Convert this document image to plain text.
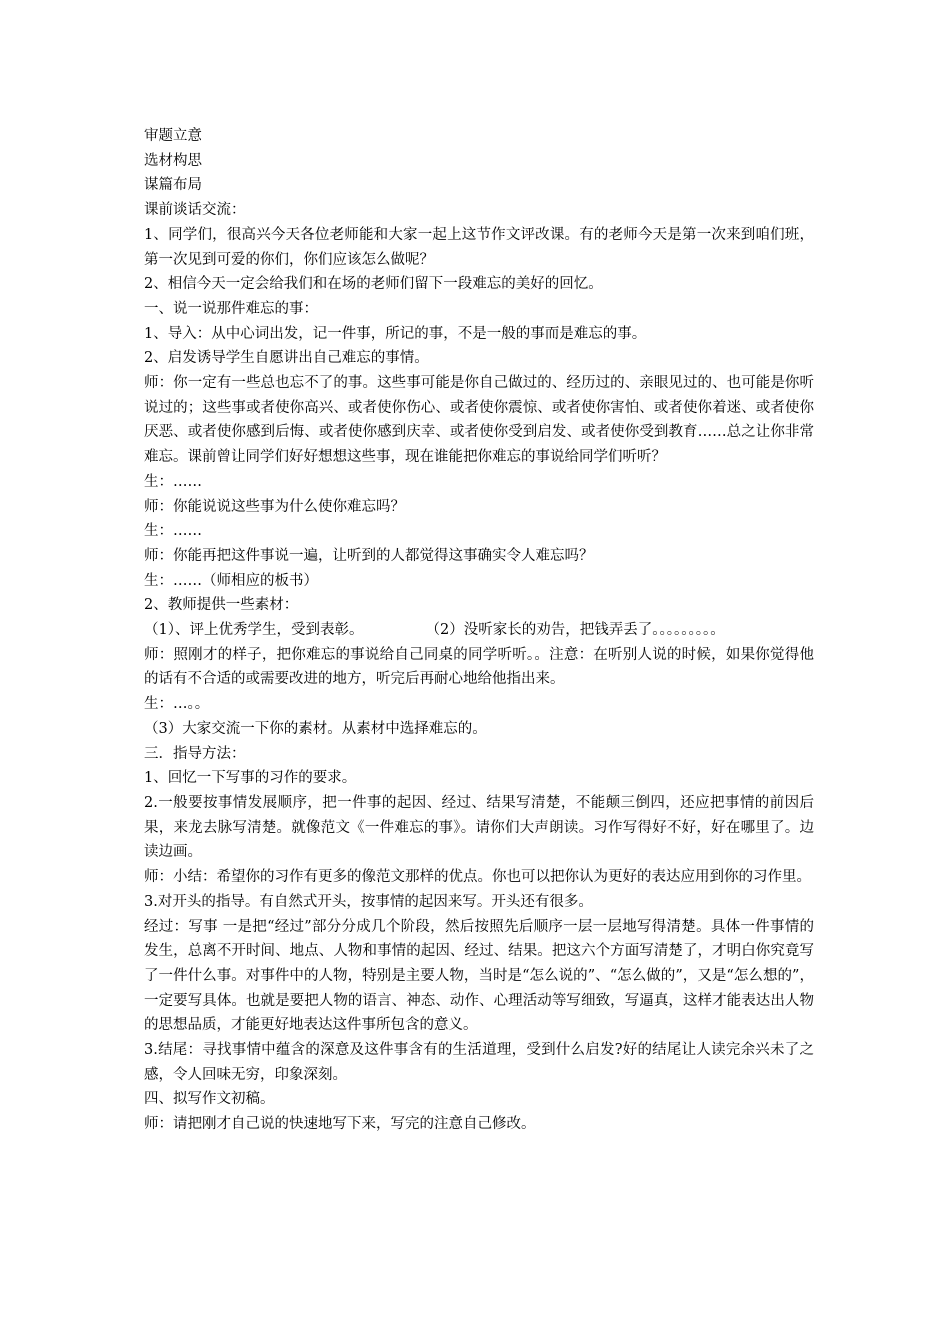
审题立意

选材构思

谋篇布局

课前谈话交流：

1、同学们，很高兴今天各位老师能和大家一起上这节作文评改课。有的老师今天是第一次来到咱们班，第一次见到可爱的你们，你们应该怎么做呢？

2、相信今天一定会给我们和在场的老师们留下一段难忘的美好的回忆。

一、说一说那件难忘的事：

1、导入：从中心词出发，记一件事，所记的事，不是一般的事而是难忘的事。

2、启发诱导学生自愿讲出自己难忘的事情。

师：你一定有一些总也忘不了的事。这些事可能是你自己做过的、经历过的、亲眼见过的、也可能是你听说过的；这些事或者使你高兴、或者使你伤心、或者使你震惊、或者使你害怕、或者使你着迷、或者使你厌恶、或者使你感到后悔、或者使你感到庆幸、或者使你受到启发、或者使你受到教育……总之让你非常难忘。课前曾让同学们好好想想这些事，现在谁能把你难忘的事说给同学们听听？

生：……

师：你能说说这些事为什么使你难忘吗？

生：……

师：你能再把这件事说一遍，让听到的人都觉得这事确实令人难忘吗？

生：……（师相应的板书）

2、教师提供一些素材：

（1）、评上优秀学生，受到表彰。	（2）没听家长的劝告，把钱弄丢了。。。。。。。。。

师：照刚才的样子，把你难忘的事说给自己同桌的同学听听。。注意：在听别人说的时候，如果你觉得他的话有不合适的或需要改进的地方，听完后再耐心地给他指出来。

生：…。。

（3）大家交流一下你的素材。从素材中选择难忘的。

三．指导方法：

1、回忆一下写事的习作的要求。

2.一般要按事情发展顺序，把一件事的起因、经过、结果写清楚，不能颠三倒四，还应把事情的前因后果，来龙去脉写清楚。就像范文《一件难忘的事》。请你们大声朗读。习作写得好不好，好在哪里了。边读边画。

师：小结：希望你的习作有更多的像范文那样的优点。你也可以把你认为更好的表达应用到你的习作里。

3.对开头的指导。有自然式开头，按事情的起因来写。开头还有很多。

经过：写事 一是把“经过”部分分成几个阶段，然后按照先后顺序一层一层地写得清楚。具体一件事情的发生，总离不开时间、地点、人物和事情的起因、经过、结果。把这六个方面写清楚了，才明白你究竟写了一件什么事。对事件中的人物，特别是主要人物，当时是“怎么说的”、“怎么做的”，又是“怎么想的”，一定要写具体。也就是要把人物的语言、神态、动作、心理活动等写细致，写逼真，这样才能表达出人物的思想品质，才能更好地表达这件事所包含的意义。

3.结尾：寻找事情中蕴含的深意及这件事含有的生活道理，受到什么启发?好的结尾让人读完余兴未了之感，令人回味无穷，印象深刻。

四、拟写作文初稿。

师：请把刚才自己说的快速地写下来，写完的注意自己修改。
